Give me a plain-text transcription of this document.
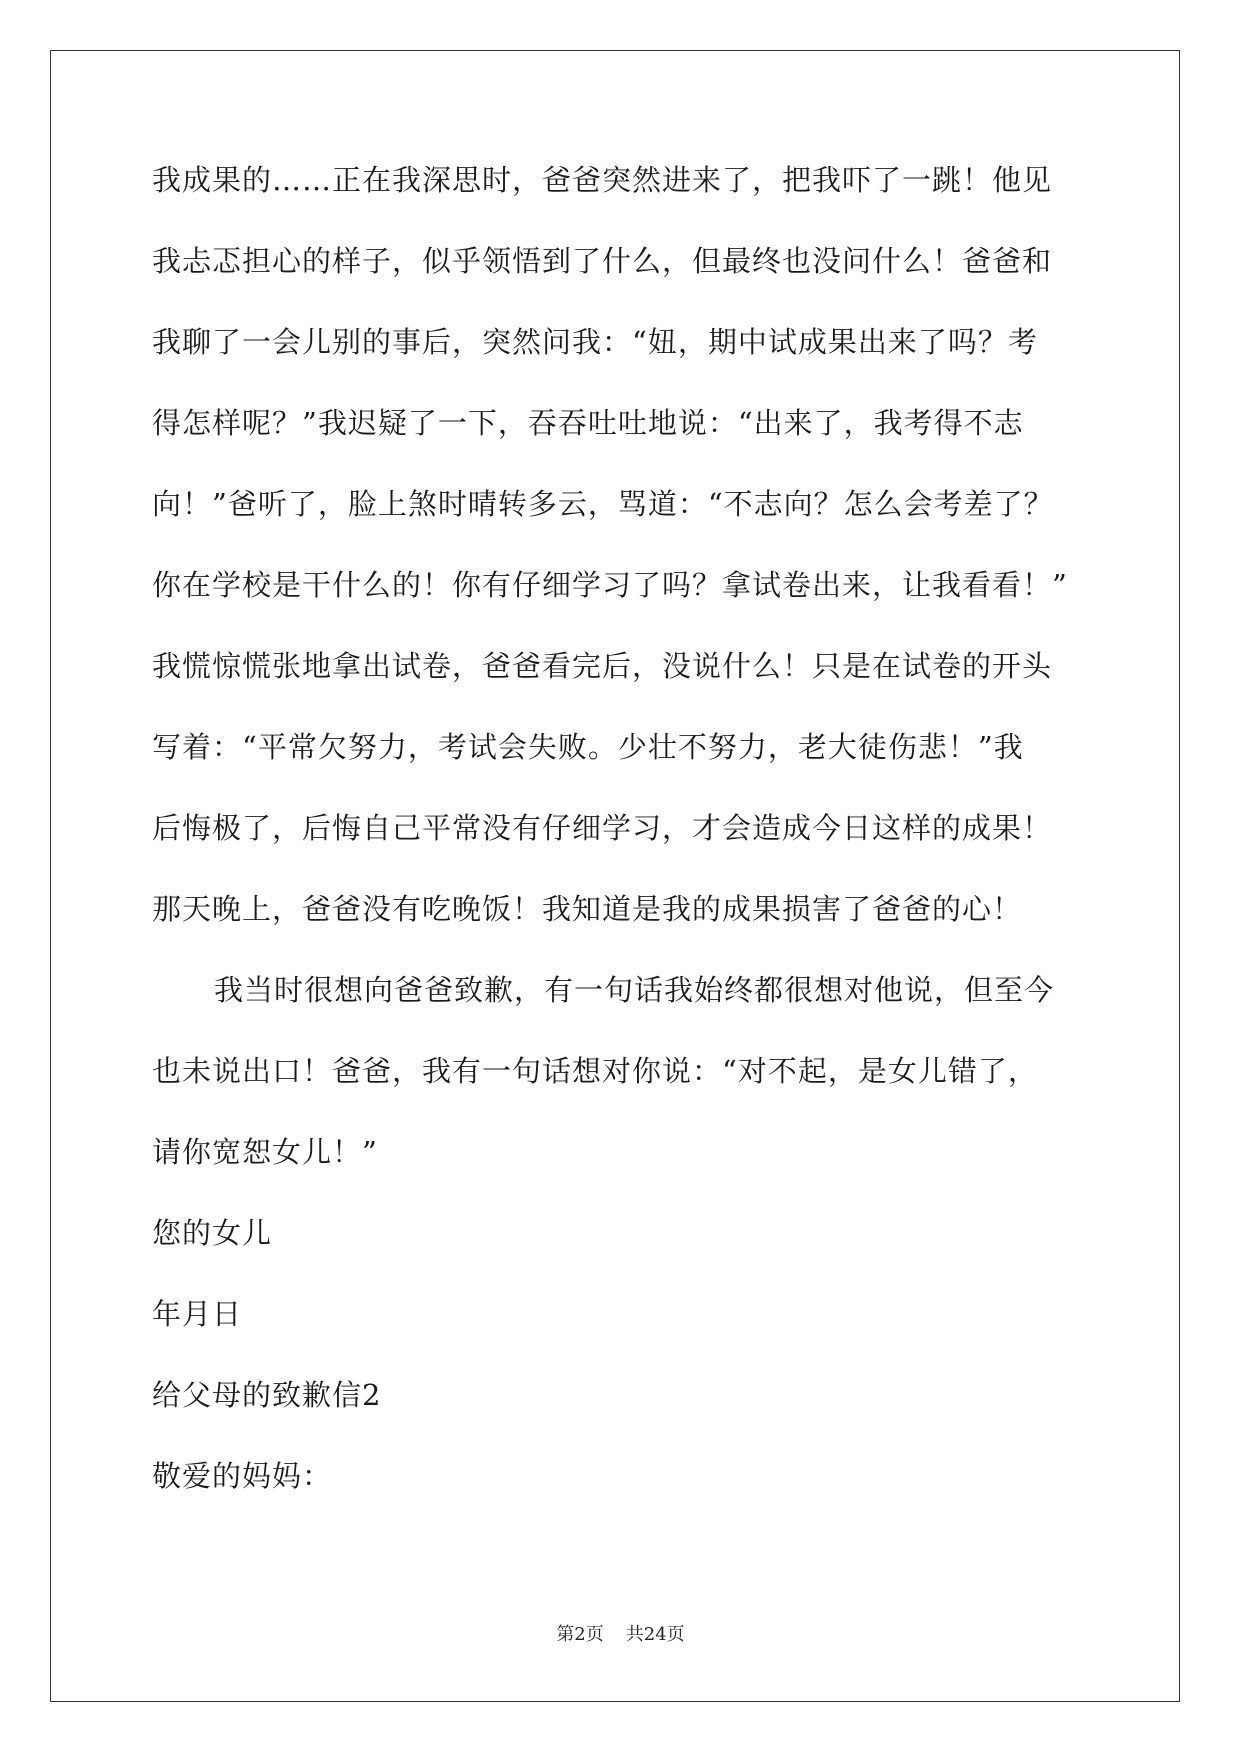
我成果的……正在我深思时，爸爸突然进来了，把我吓了一跳！他见
我忐忑担心的样子，似乎领悟到了什么，但最终也没问什么！爸爸和
我聊了一会儿别的事后，突然问我：“妞，期中试成果出来了吗？考
得怎样呢？”我迟疑了一下，吞吞吐吐地说：“出来了，我考得不志
向！”爸听了，脸上煞时晴转多云，骂道：“不志向？怎么会考差了？
你在学校是干什么的！你有仔细学习了吗？拿试卷出来，让我看看！”
我慌惊慌张地拿出试卷，爸爸看完后，没说什么！只是在试卷的开头
写着：“平常欠努力，考试会失败。少壮不努力，老大徒伤悲！”我
后悔极了，后悔自己平常没有仔细学习，才会造成今日这样的成果！
那天晚上，爸爸没有吃晚饭！我知道是我的成果损害了爸爸的心！
我当时很想向爸爸致歉，有一句话我始终都很想对他说，但至今
也未说出口！爸爸，我有一句话想对你说：“对不起，是女儿错了，
请你宽恕女儿！”
您的女儿
年月日
给父母的致歉信2
敬爱的妈妈：
第2页 共24页
